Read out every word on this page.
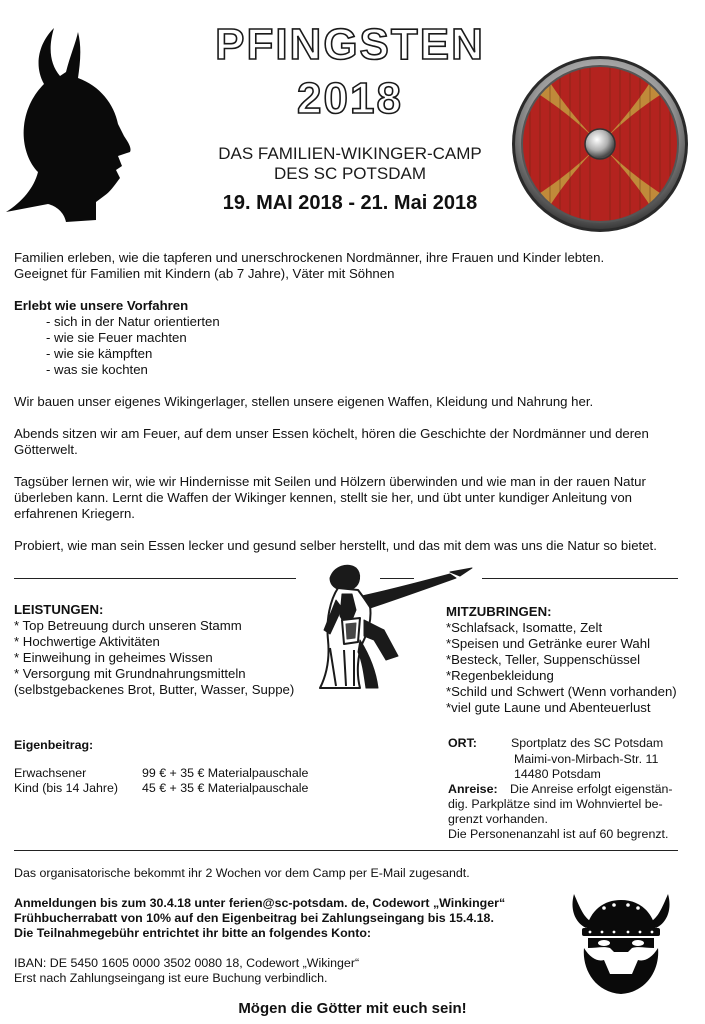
PFINGSTEN
2018
DAS FAMILIEN-WIKINGER-CAMP
DES SC POTSDAM
19. MAI 2018 - 21. Mai 2018

Familien erleben, wie die tapferen und unerschrockenen Nordmänner, ihre Frauen und Kinder lebten.

Geeignet für Familien mit Kindern (ab 7 Jahre), Väter mit Söhnen

Erlebt wie unsere Vorfahren

- sich in der Natur orientierten

- wie sie Feuer machten

- wie sie kämpften

- was sie kochten

Wir bauen unser eigenes Wikingerlager, stellen unsere eigenen Waffen, Kleidung und Nahrung her.

Abends sitzen wir am Feuer, auf dem unser Essen köchelt, hören die Geschichte der Nordmänner und deren

Götterwelt.

Tagsüber lernen wir, wie wir Hindernisse mit Seilen und Hölzern überwinden und wie man in der rauen Natur

überleben kann. Lernt die Waffen der Wikinger kennen, stellt sie her, und übt unter kundiger Anleitung von

erfahrenen Kriegern.

Probiert, wie man sein Essen lecker und gesund selber herstellt, und das mit dem was uns die Natur so bietet.

LEISTUNGEN:

* Top Betreuung durch unseren Stamm

* Hochwertige Aktivitäten

* Einweihung in geheimes Wissen

* Versorgung mit Grundnahrungsmitteln

(selbstgebackenes Brot, Butter, Wasser, Suppe)

MITZUBRINGEN:

*Schlafsack, Isomatte, Zelt

*Speisen und Getränke eurer Wahl

*Besteck, Teller, Suppenschüssel

*Regenbekleidung

*Schild und Schwert (Wenn vorhanden)

*viel gute Laune und Abenteuerlust

Eigenbeitrag:

Erwachsener	99 € + 35 € Materialpauschale

Kind (bis 14 Jahre) 45 € + 35 € Materialpauschale

ORT:	Sportplatz des SC Potsdam

Maimi-von-Mirbach-Str. 11

14480 Potsdam

Anreise: Die Anreise erfolgt eigenstän-

dig. Parkplätze sind im Wohnviertel be-

grenzt vorhanden.

Die Personenanzahl ist auf 60 begrenzt.

Das organisatorische bekommt ihr 2 Wochen vor dem Camp per E-Mail zugesandt.

Anmeldungen bis zum 30.4.18 unter ferien@sc-potsdam. de, Codewort „Winkinger“

Frühbucherrabatt von 10% auf den Eigenbeitrag bei Zahlungseingang bis 15.4.18.

Die Teilnahmegebühr entrichtet ihr bitte an folgendes Konto:

IBAN: DE 5450 1605 0000 3502 0080 18, Codewort „Wikinger“

Erst nach Zahlungseingang ist eure Buchung verbindlich.

Mögen die Götter mit euch sein!
